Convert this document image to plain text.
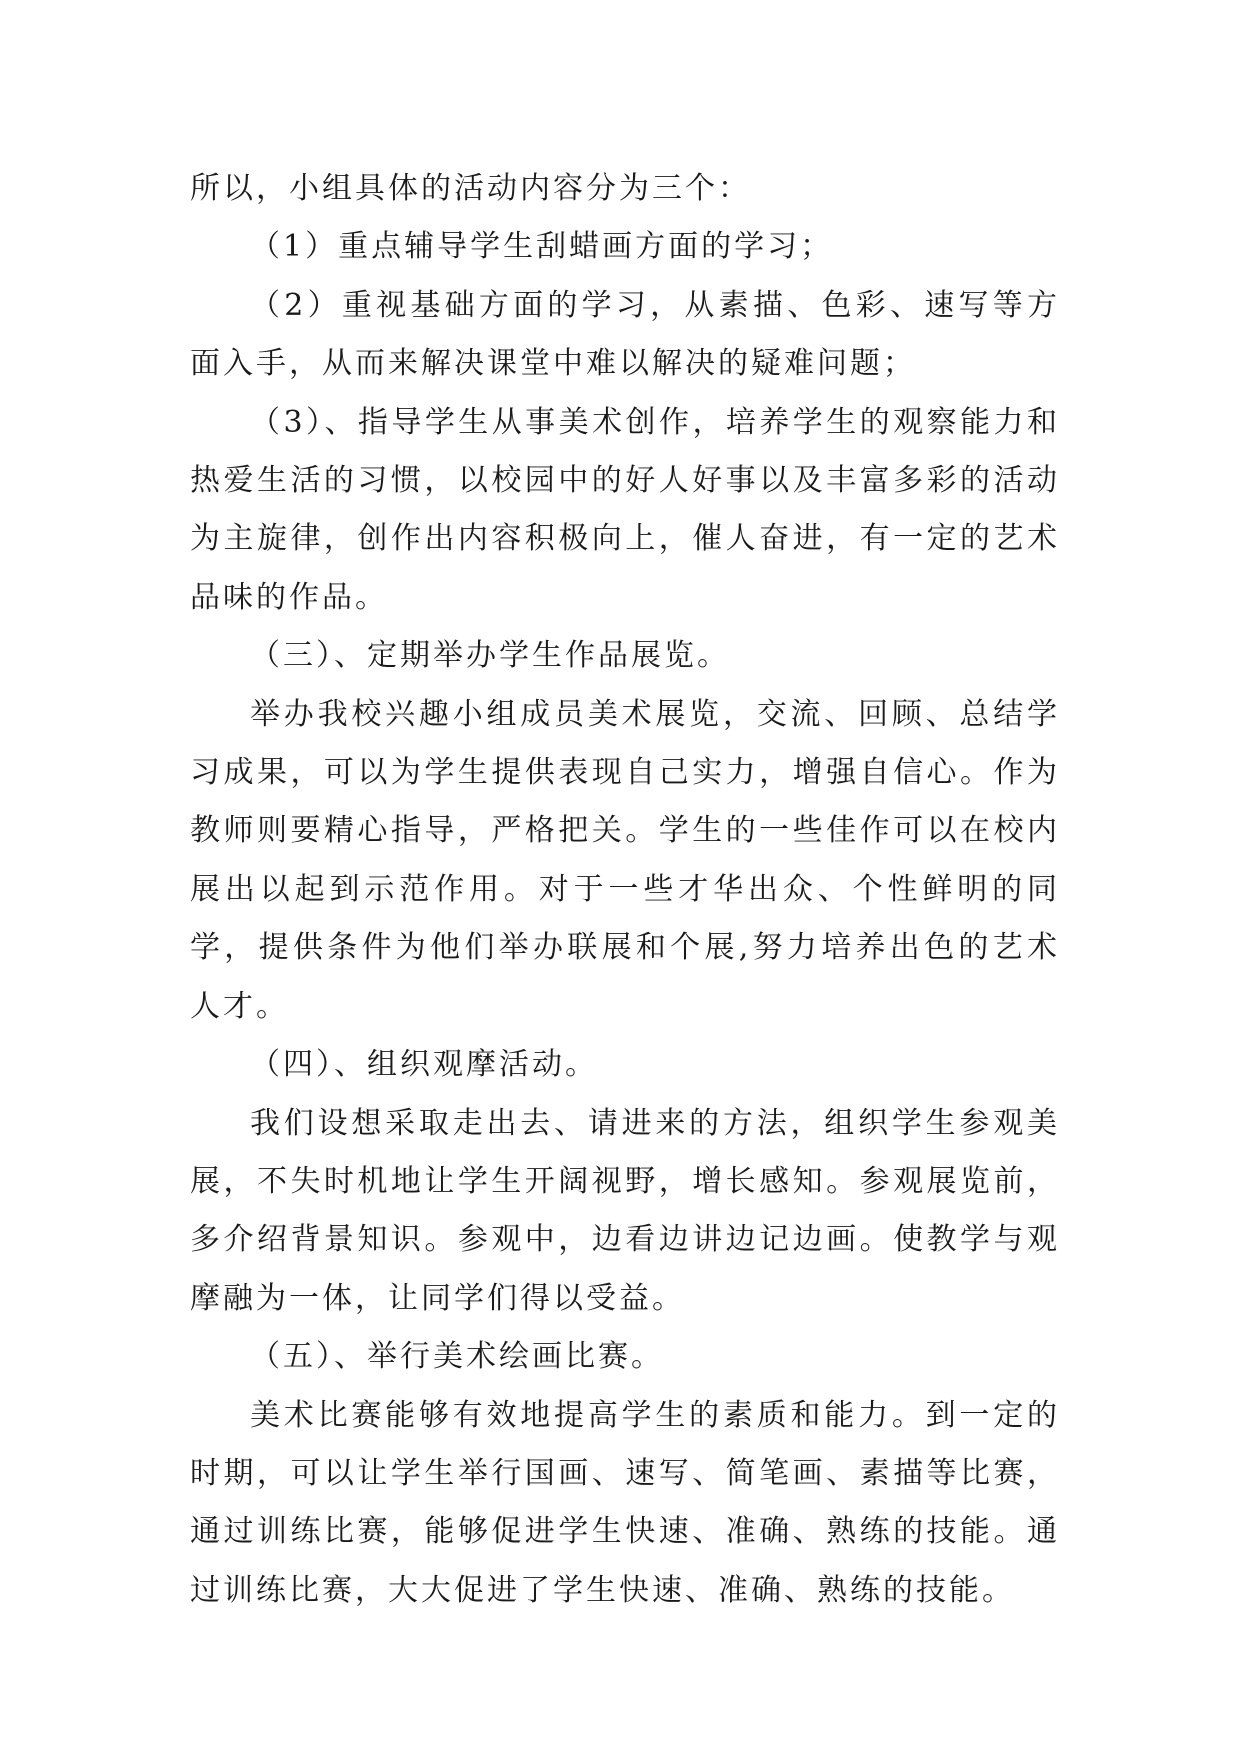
所以，小组具体的活动内容分为三个：

（1）重点辅导学生刮蜡画方面的学习；

（2）重视基础方面的学习，从素描、色彩、速写等方面入手，从而来解决课堂中难以解决的疑难问题；

（3）、指导学生从事美术创作，培养学生的观察能力和热爱生活的习惯，以校园中的好人好事以及丰富多彩的活动为主旋律，创作出内容积极向上，催人奋进，有一定的艺术品味的作品。

（三）、定期举办学生作品展览。

举办我校兴趣小组成员美术展览，交流、回顾、总结学习成果，可以为学生提供表现自己实力，增强自信心。作为教师则要精心指导，严格把关。学生的一些佳作可以在校内展出以起到示范作用。对于一些才华出众、个性鲜明的同学，提供条件为他们举办联展和个展,努力培养出色的艺术人才。

（四）、组织观摩活动。

我们设想采取走出去、请进来的方法，组织学生参观美展，不失时机地让学生开阔视野，增长感知。参观展览前，多介绍背景知识。参观中，边看边讲边记边画。使教学与观摩融为一体，让同学们得以受益。

（五）、举行美术绘画比赛。

美术比赛能够有效地提高学生的素质和能力。到一定的时期，可以让学生举行国画、速写、简笔画、素描等比赛，通过训练比赛，能够促进学生快速、准确、熟练的技能。通过训练比赛，大大促进了学生快速、准确、熟练的技能。
